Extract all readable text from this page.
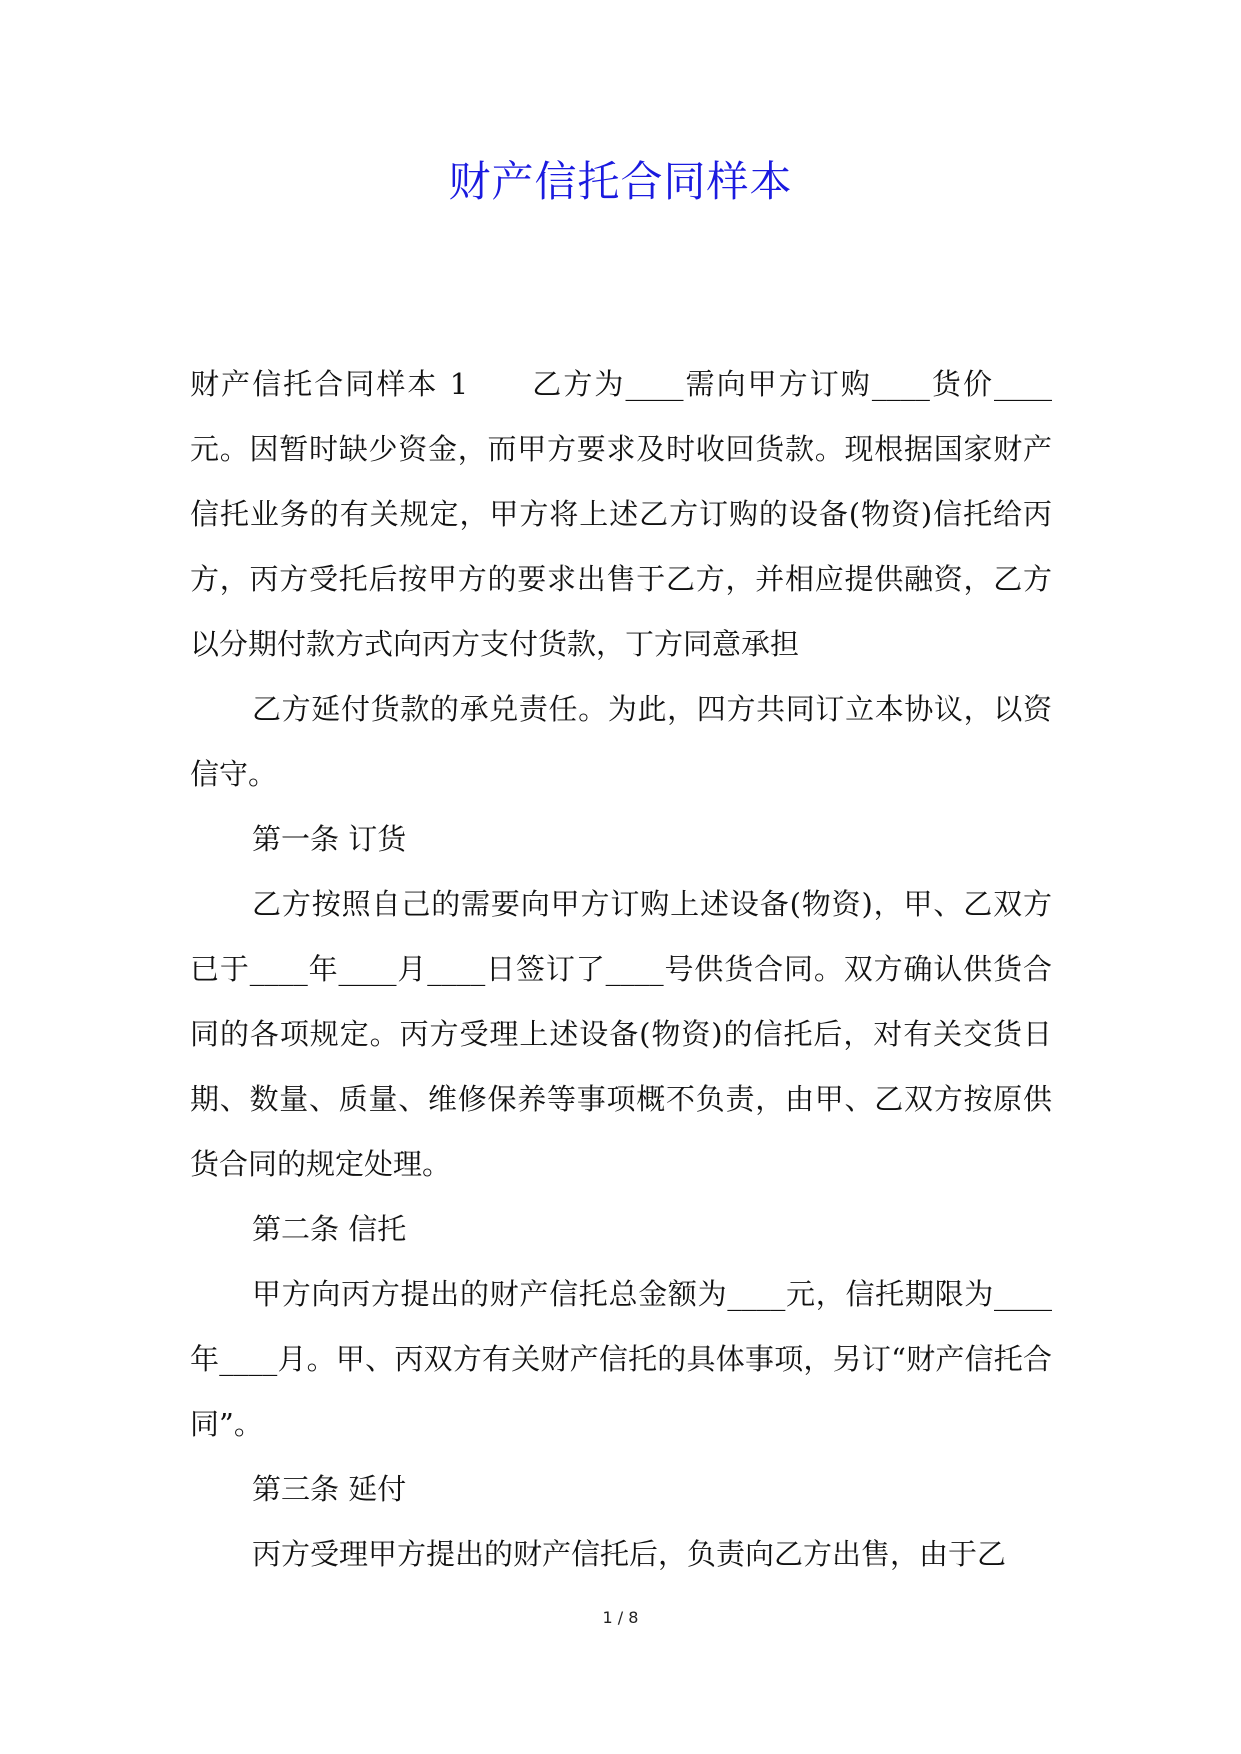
财产信托合同样本

财产信托合同样本 1　　乙方为____需向甲方订购____货价____元。因暂时缺少资金，而甲方要求及时收回货款。现根据国家财产信托业务的有关规定，甲方将上述乙方订购的设备(物资)信托给丙方，丙方受托后按甲方的要求出售于乙方，并相应提供融资，乙方以分期付款方式向丙方支付货款，丁方同意承担

乙方延付货款的承兑责任。为此，四方共同订立本协议，以资信守。

第一条 订货

乙方按照自己的需要向甲方订购上述设备(物资)，甲、乙双方已于____年____月____日签订了____号供货合同。双方确认供货合同的各项规定。丙方受理上述设备(物资)的信托后，对有关交货日期、数量、质量、维修保养等事项概不负责，由甲、乙双方按原供货合同的规定处理。

第二条 信托

甲方向丙方提出的财产信托总金额为____元，信托期限为____年____月。甲、丙双方有关财产信托的具体事项，另订“财产信托合同”。

第三条 延付

丙方受理甲方提出的财产信托后，负责向乙方出售，由于乙

1 / 8
